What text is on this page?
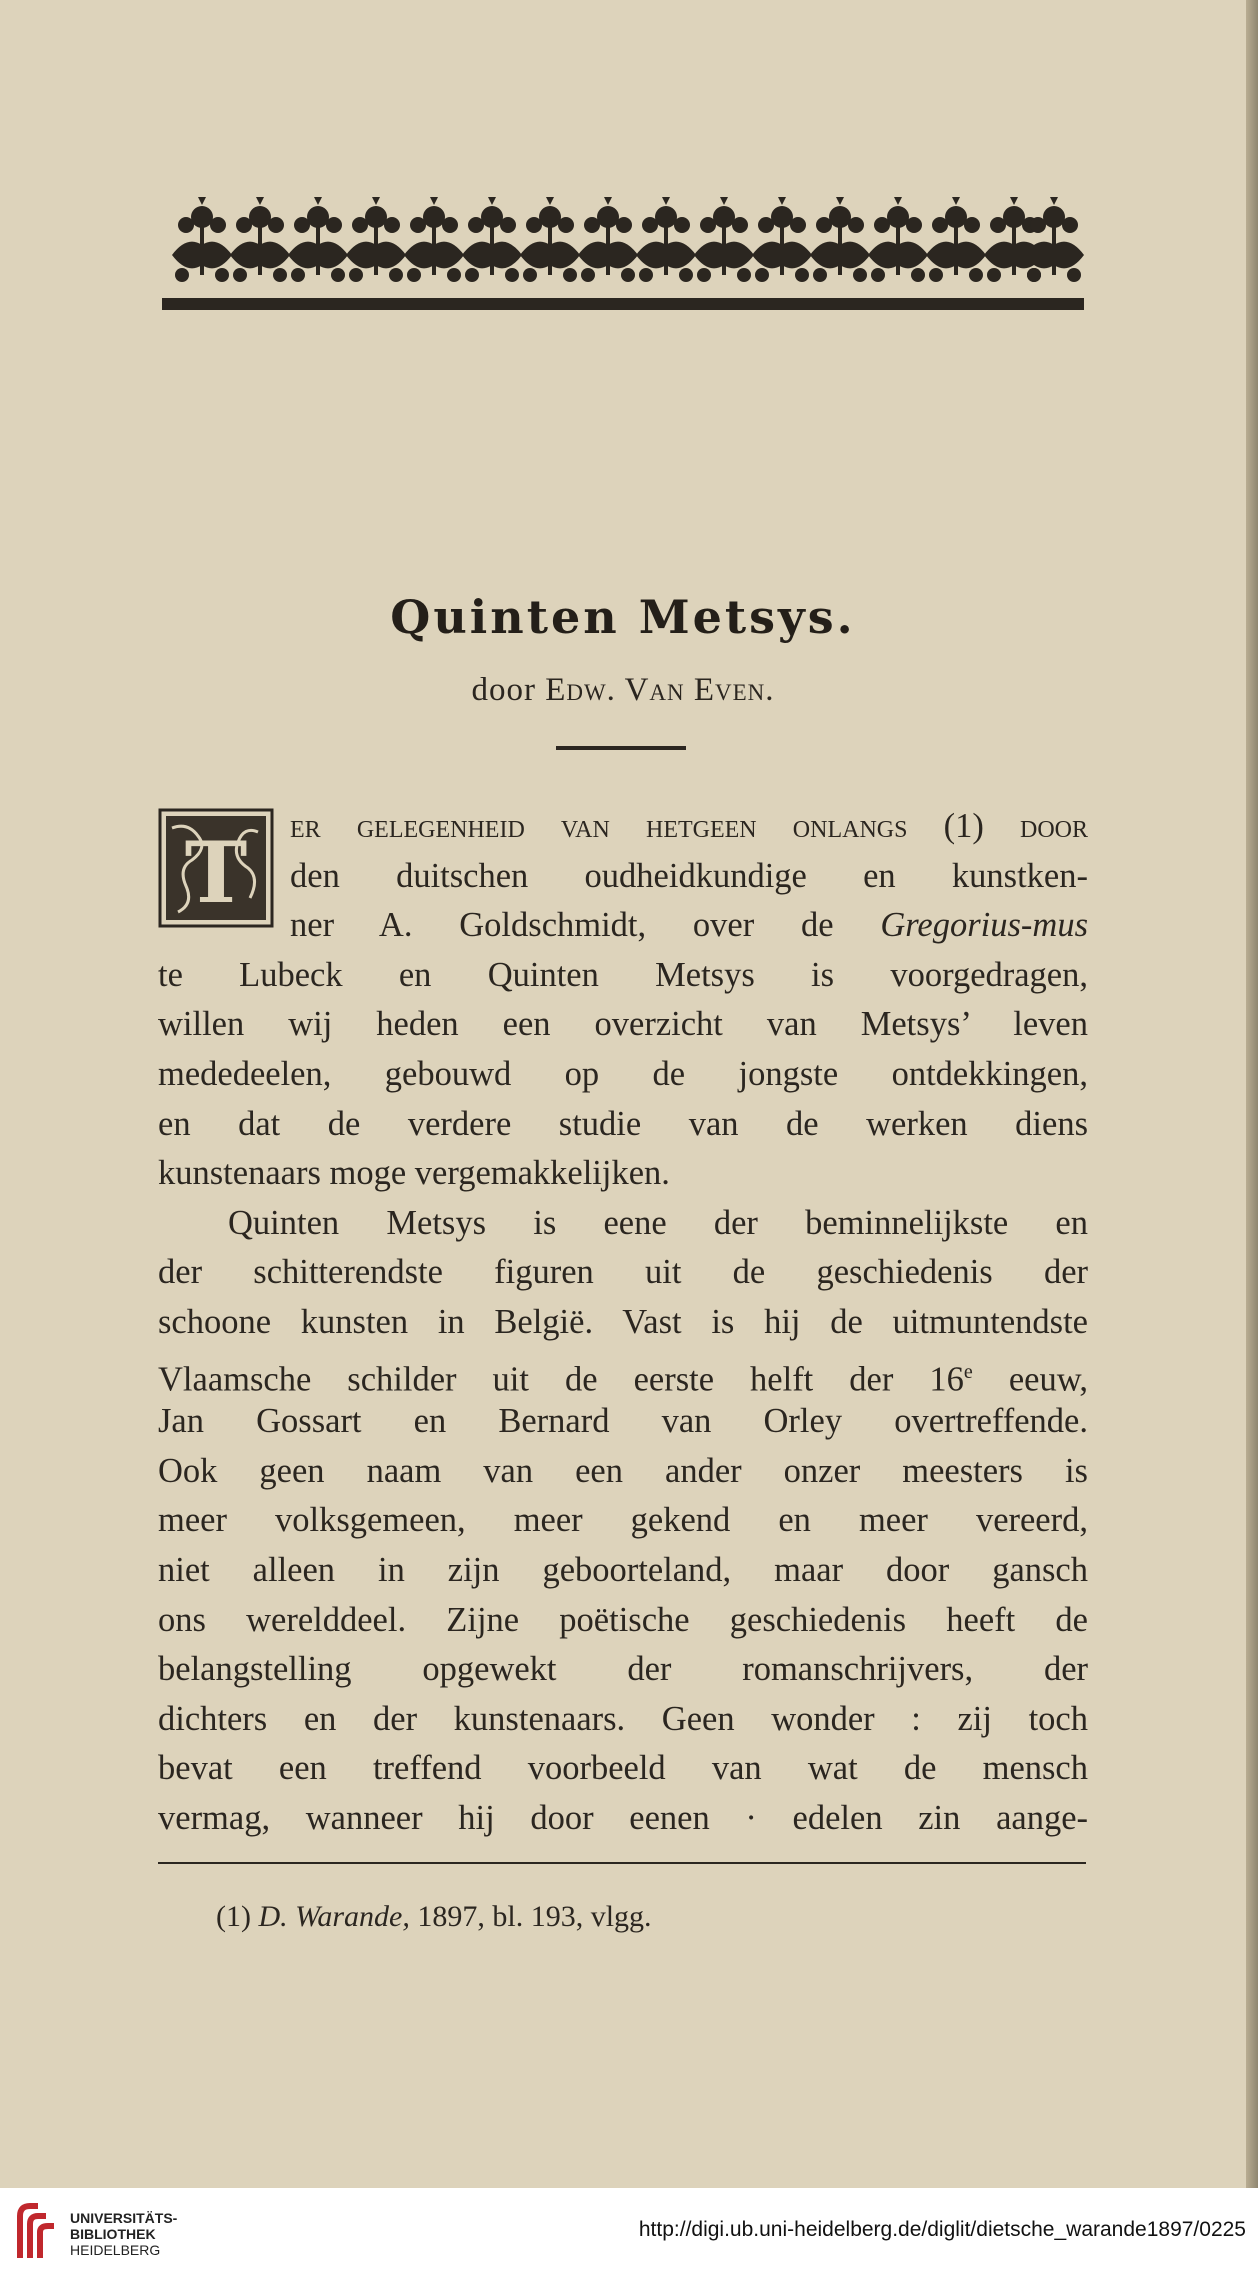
Quinten Metsys.
door Edw. Van Even.
T	er gelegenheid van hetgeen onlangs (1) door
den duitschen oudheidkundige en kunstken-
ner A. Goldschmidt, over de Gregorius-mus
te Lubeck en Quinten Metsys is voorgedragen,
willen wij heden een overzicht van Metsys’ leven
mededeelen, gebouwd op de jongste ontdekkingen,
en dat de verdere studie van de werken diens
kunstenaars moge vergemakkelijken.
Quinten Metsys is eene der beminnelijkste en
der schitterendste figuren uit de geschiedenis der
schoone kunsten in België. Vast is hij de uitmuntendste
Vlaamsche schilder uit de eerste helft der 16e eeuw,
Jan Gossart en Bernard van Orley overtreffende.
Ook geen naam van een ander onzer meesters is
meer volksgemeen, meer gekend en meer vereerd,
niet alleen in zijn geboorteland, maar door gansch
ons werelddeel. Zijne poëtische geschiedenis heeft de
belangstelling opgewekt der romanschrijvers, der
dichters en der kunstenaars. Geen wonder : zij toch
bevat een treffend voorbeeld van wat de mensch
vermag, wanneer hij door eenen · edelen zin aange-
(1) D. Warande, 1897, bl. 193, vlgg.
UNIVERSITÄTS-
BIBLIOTHEK
HEIDELBERG
http://digi.ub.uni-heidelberg.de/diglit/dietsche_warande1897/0225
